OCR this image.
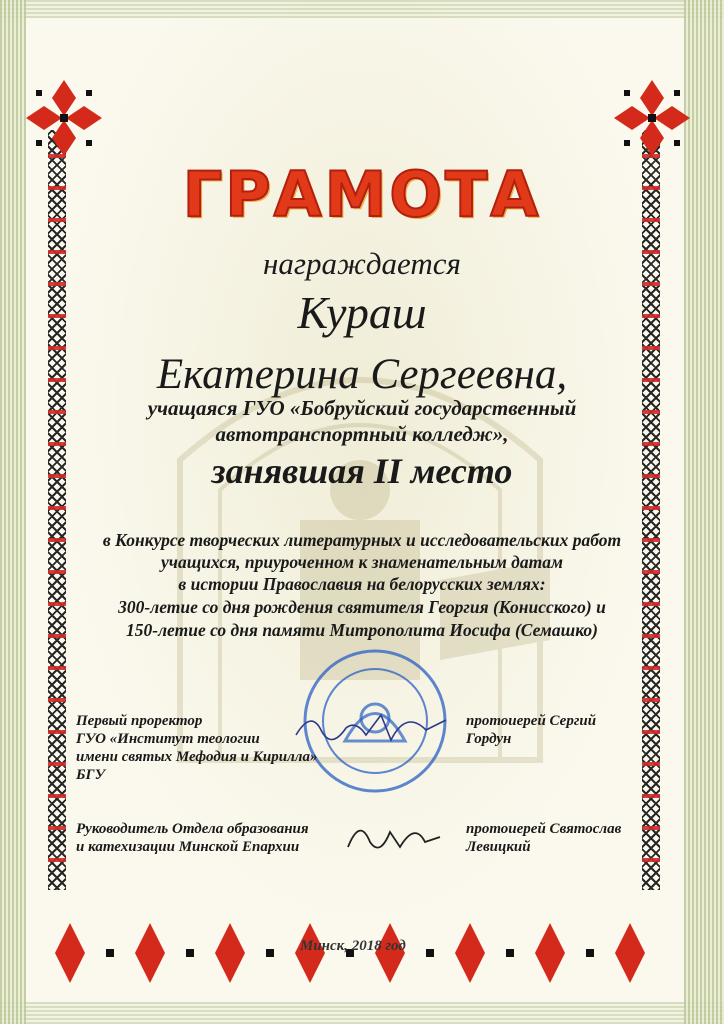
ГРАМОТА
награждается
Кураш
Екатерина Сергеевна,
учащаяся ГУО «Бобруйский государственный
автотранспортный колледж»,
занявшая II место
в Конкурсе творческих литературных и исследовательских работ
учащихся, приуроченном к знаменательным датам
в истории Православия на белорусских землях:
300-летие со дня рождения святителя Георгия (Конисского) и
150-летие со дня памяти Митрополита Иосифа (Семашко)
Первый проректор
ГУО «Институт теологии
имени святых Мефодия и Кирилла»
БГУ
протоиерей Сергий
Гордун
Руководитель Отдела образования
и катехизации Минской Епархии
протоиерей Святослав
Левицкий
Минск, 2018 год
